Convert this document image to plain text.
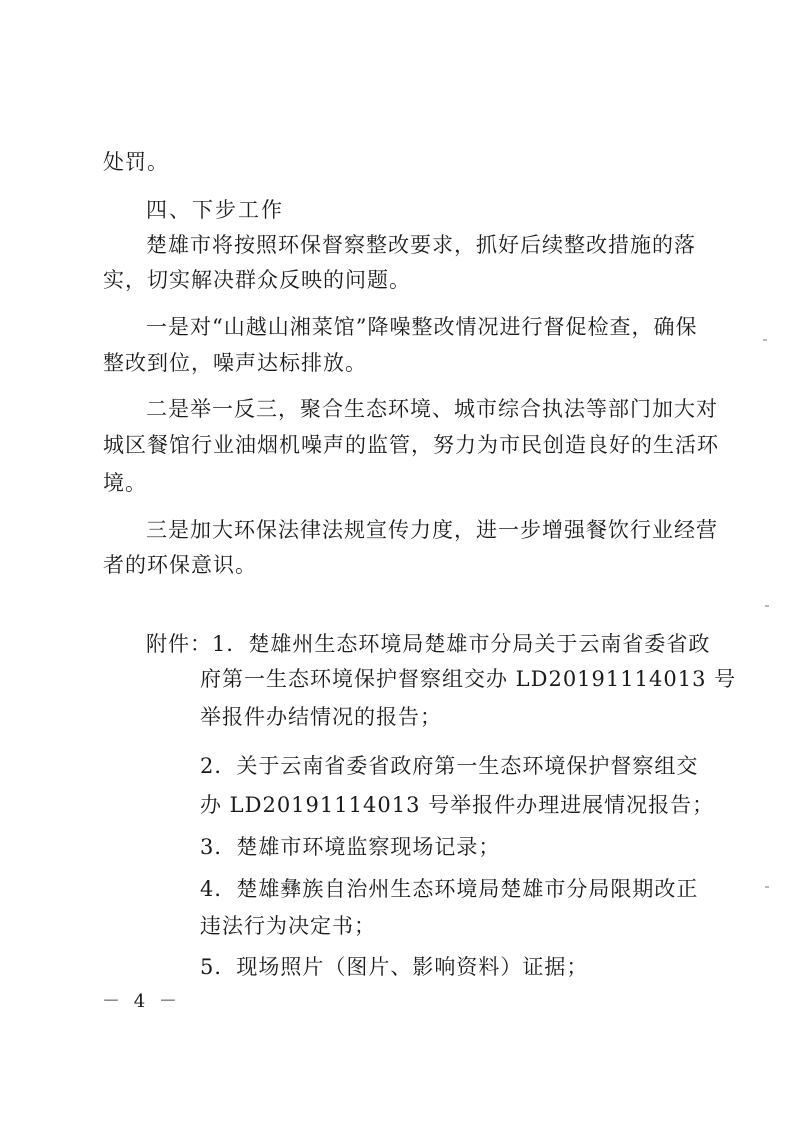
处罚。
四、下步工作
楚雄市将按照环保督察整改要求，抓好后续整改措施的落
实，切实解决群众反映的问题。
一是对“山越山湘菜馆”降噪整改情况进行督促检查，确保
整改到位，噪声达标排放。
二是举一反三，聚合生态环境、城市综合执法等部门加大对
城区餐馆行业油烟机噪声的监管，努力为市民创造良好的生活环
境。
三是加大环保法律法规宣传力度，进一步增强餐饮行业经营
者的环保意识。
附件：1．楚雄州生态环境局楚雄市分局关于云南省委省政
府第一生态环境保护督察组交办 LD20191114013 号
举报件办结情况的报告；
2．关于云南省委省政府第一生态环境保护督察组交
办 LD20191114013 号举报件办理进展情况报告；
3．楚雄市环境监察现场记录；
4．楚雄彝族自治州生态环境局楚雄市分局限期改正
违法行为决定书；
5．现场照片（图片、影响资料）证据；
－ 4 －
